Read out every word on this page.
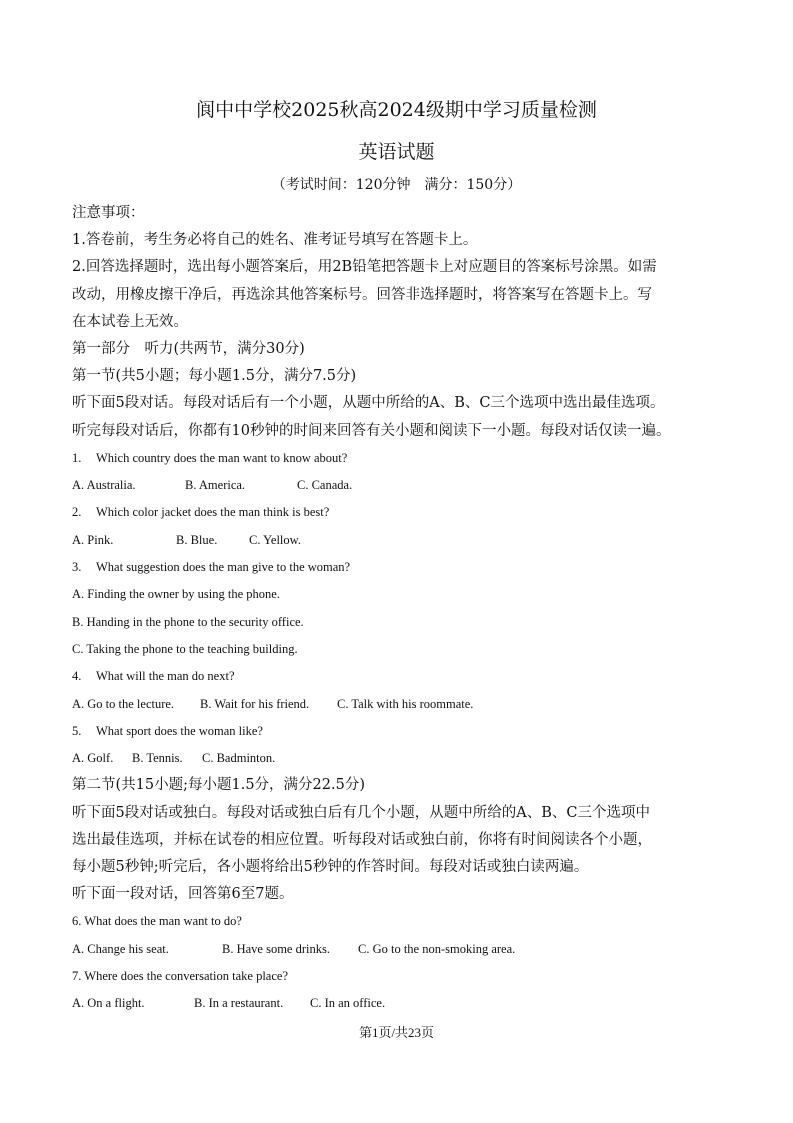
阆中中学校2025秋高2024级期中学习质量检测
英语试题
（考试时间：120分钟　满分：150分）

注意事项：

1.答卷前，考生务必将自己的姓名、准考证号填写在答题卡上。

2.回答选择题时，选出每小题答案后，用2B铅笔把答题卡上对应题目的答案标号涂黑。如需

改动，用橡皮擦干净后，再选涂其他答案标号。回答非选择题时，将答案写在答题卡上。写

在本试卷上无效。

第一部分　听力(共两节，满分30分)

第一节(共5小题；每小题1.5分，满分7.5分)

听下面5段对话。每段对话后有一个小题，从题中所给的A、B、C三个选项中选出最佳选项。

听完每段对话后，你都有10秒钟的时间来回答有关小题和阅读下一小题。每段对话仅读一遍。

1. Which country does the man want to know about?

A. Australia.	B. America.	C. Canada.

2. Which color jacket does the man think is best?

A. Pink.	B. Blue.	C. Yellow.

3. What suggestion does the man give to the woman?

A. Finding the owner by using the phone.

B. Handing in the phone to the security office.

C. Taking the phone to the teaching building.

4. What will the man do next?

A. Go to the lecture. B. Wait for his friend. C. Talk with his roommate.

5. What sport does the woman like?

A. Golf. B. Tennis. C. Badminton.

第二节(共15小题;每小题1.5分，满分22.5分)

听下面5段对话或独白。每段对话或独白后有几个小题，从题中所给的A、B、C三个选项中

选出最佳选项，并标在试卷的相应位置。听每段对话或独白前，你将有时间阅读各个小题，

每小题5秒钟;听完后，各小题将给出5秒钟的作答时间。每段对话或独白读两遍。

听下面一段对话，回答第6至7题。

6. What does the man want to do?

A. Change his seat.	B. Have some drinks. C. Go to the non-smoking area.

7. Where does the conversation take place?

A. On a flight.	B. In a restaurant. C. In an office.

第1页/共23页
